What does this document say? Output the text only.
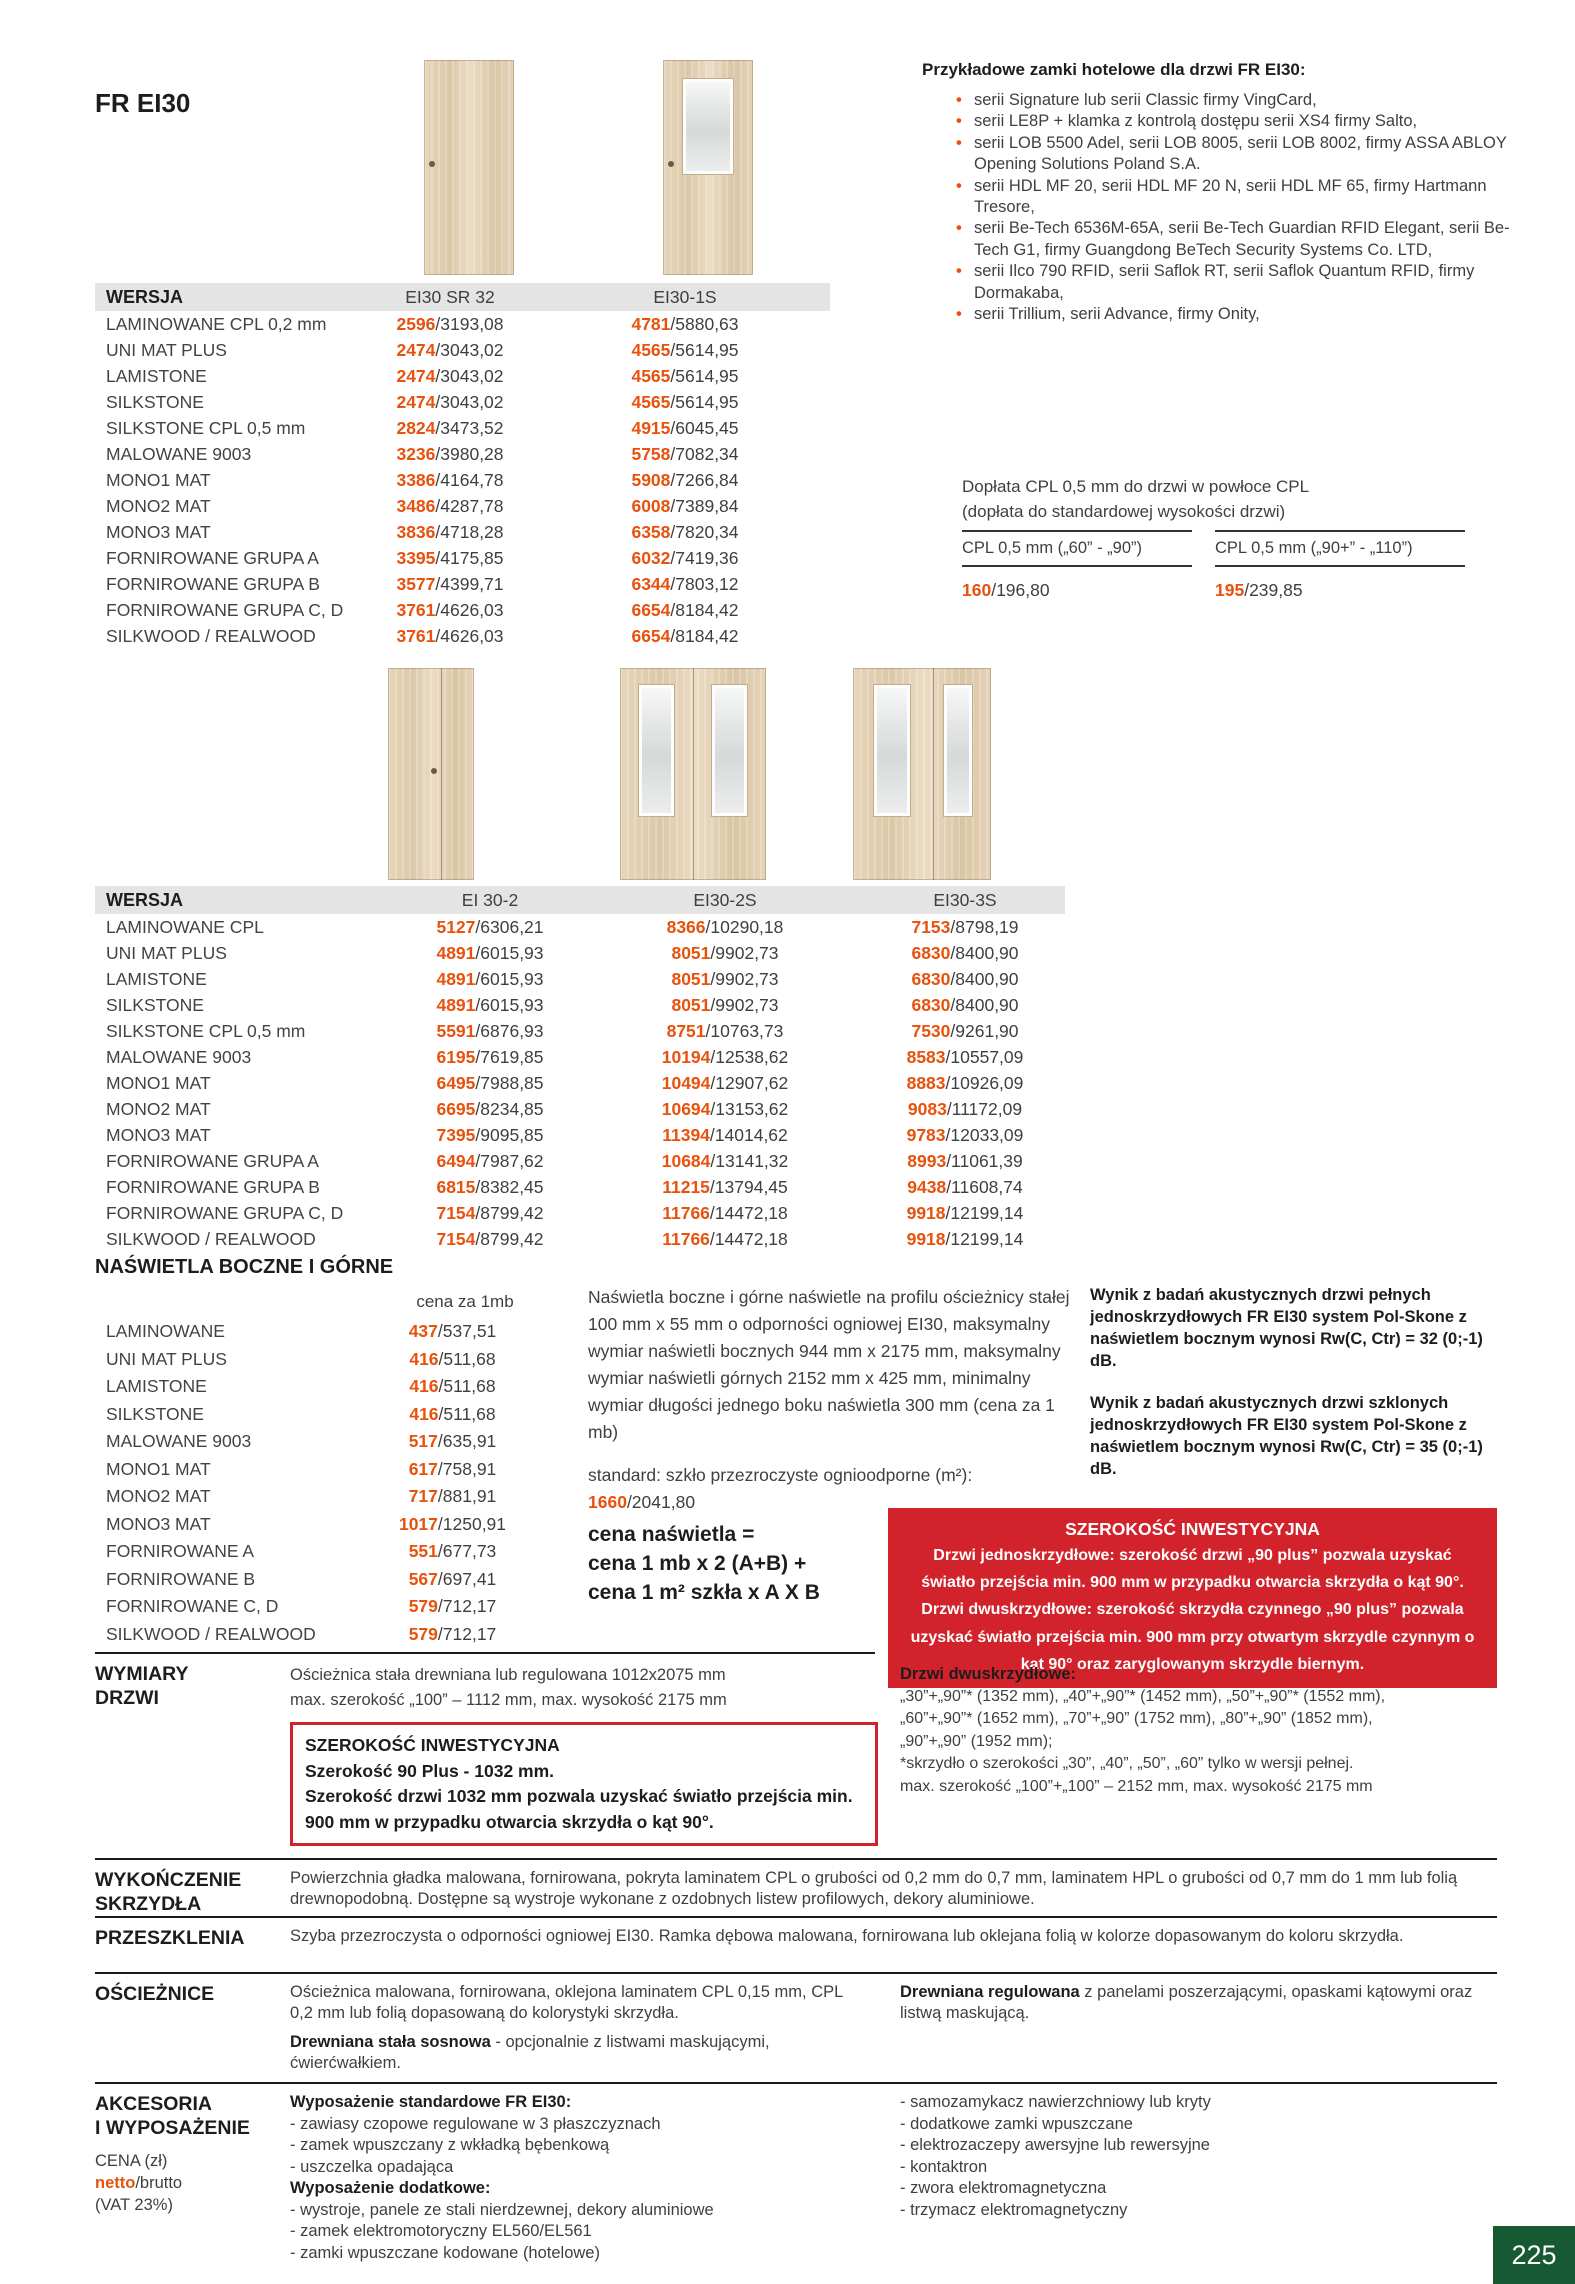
FR EI30
Przykładowe zamki hotelowe dla drzwi FR EI30:
• serii Signature lub serii Classic firmy VingCard,
• serii LE8P + klamka z kontrolą dostępu serii XS4 firmy Salto,
• serii LOB 5500 Adel, serii LOB 8005, serii LOB 8002, firmy ASSA ABLOY Opening Solutions Poland S.A.
• serii HDL MF 20, serii HDL MF 20 N, serii HDL MF 65, firmy Hartmann Tresore,
• serii Be-Tech 6536M-65A, serii Be-Tech Guardian RFID Elegant, serii Be-Tech G1, firmy Guangdong BeTech Security Systems Co. LTD,
• serii Ilco 790 RFID, serii Saflok RT, serii Saflok Quantum RFID, firmy Dormakaba,
• serii Trillium, serii Advance, firmy Onity,
WERSJA	EI30 SR 32	EI30-1S
LAMINOWANE CPL 0,2 mm	2596/3193,08	4781/5880,63
UNI MAT PLUS	2474/3043,02	4565/5614,95
LAMISTONE	2474/3043,02	4565/5614,95
SILKSTONE	2474/3043,02	4565/5614,95
SILKSTONE CPL 0,5 mm	2824/3473,52	4915/6045,45
MALOWANE 9003	3236/3980,28	5758/7082,34
MONO1 MAT	3386/4164,78	5908/7266,84
MONO2 MAT	3486/4287,78	6008/7389,84
MONO3 MAT	3836/4718,28	6358/7820,34
FORNIROWANE GRUPA A	3395/4175,85	6032/7419,36
FORNIROWANE GRUPA B	3577/4399,71	6344/7803,12
FORNIROWANE GRUPA C, D	3761/4626,03	6654/8184,42
SILKWOOD / REALWOOD	3761/4626,03	6654/8184,42
Dopłata CPL 0,5 mm do drzwi w powłoce CPL
(dopłata do standardowej wysokości drzwi)
CPL 0,5 mm („60” - „90”)	CPL 0,5 mm („90+” - „110”)
160/196,80	195/239,85
WERSJA	EI 30-2	EI30-2S	EI30-3S
LAMINOWANE CPL	5127/6306,21	8366/10290,18	7153/8798,19
UNI MAT PLUS	4891/6015,93	8051/9902,73	6830/8400,90
LAMISTONE	4891/6015,93	8051/9902,73	6830/8400,90
SILKSTONE	4891/6015,93	8051/9902,73	6830/8400,90
SILKSTONE CPL 0,5 mm	5591/6876,93	8751/10763,73	7530/9261,90
MALOWANE 9003	6195/7619,85	10194/12538,62	8583/10557,09
MONO1 MAT	6495/7988,85	10494/12907,62	8883/10926,09
MONO2 MAT	6695/8234,85	10694/13153,62	9083/11172,09
MONO3 MAT	7395/9095,85	11394/14014,62	9783/12033,09
FORNIROWANE GRUPA A	6494/7987,62	10684/13141,32	8993/11061,39
FORNIROWANE GRUPA B	6815/8382,45	11215/13794,45	9438/11608,74
FORNIROWANE GRUPA C, D	7154/8799,42	11766/14472,18	9918/12199,14
SILKWOOD / REALWOOD	7154/8799,42	11766/14472,18	9918/12199,14
NAŚWIETLA BOCZNE I GÓRNE
cena za 1mb
LAMINOWANE	437/537,51
UNI MAT PLUS	416/511,68
LAMISTONE	416/511,68
SILKSTONE	416/511,68
MALOWANE 9003	517/635,91
MONO1 MAT	617/758,91
MONO2 MAT	717/881,91
MONO3 MAT	1017/1250,91
FORNIROWANE A	551/677,73
FORNIROWANE B	567/697,41
FORNIROWANE C, D	579/712,17
SILKWOOD / REALWOOD	579/712,17
Naświetla boczne i górne naświetle na profilu ościeżnicy stałej 100 mm x 55 mm o odporności ogniowej EI30, maksymalny wymiar naświetli bocznych 944 mm x 2175 mm, maksymalny wymiar naświetli górnych 2152 mm x 425 mm, minimalny wymiar długości jednego boku naświetla 300 mm (cena za 1 mb)
standard: szkło przezroczyste ognioodporne (m²):
1660/2041,80
cena naświetla =
cena 1 mb x 2 (A+B) +
cena 1 m² szkła x A X B
Wynik z badań akustycznych drzwi pełnych jednoskrzydłowych FR EI30 system Pol-Skone z naświetlem bocznym wynosi Rw(C, Ctr) = 32 (0;-1) dB.
Wynik z badań akustycznych drzwi szklonych jednoskrzydłowych FR EI30 system Pol-Skone z naświetlem bocznym wynosi Rw(C, Ctr) = 35 (0;-1) dB.
SZEROKOŚĆ INWESTYCYJNA
Drzwi jednoskrzydłowe: szerokość drzwi „90 plus” pozwala uzyskać światło przejścia min. 900 mm w przypadku otwarcia skrzydła o kąt 90°. Drzwi dwuskrzydłowe: szerokość skrzydła czynnego „90 plus” pozwala uzyskać światło przejścia min. 900 mm przy otwartym skrzydle czynnym o kąt 90° oraz zaryglowanym skrzydle biernym.
WYMIARY
DRZWI
Ościeżnica stała drewniana lub regulowana 1012x2075 mm
max. szerokość „100” – 1112 mm, max. wysokość 2175 mm
SZEROKOŚĆ INWESTYCYJNA
Szerokość 90 Plus - 1032 mm.
Szerokość drzwi 1032 mm pozwala uzyskać światło przejścia min. 900 mm w przypadku otwarcia skrzydła o kąt 90°.
Drzwi dwuskrzydłowe:
„30”+„90”* (1352 mm), „40”+„90”* (1452 mm), „50”+„90”* (1552 mm),
„60”+„90”* (1652 mm), „70”+„90” (1752 mm), „80”+„90” (1852 mm),
„90”+„90” (1952 mm);
*skrzydło o szerokości „30”, „40”, „50”, „60” tylko w wersji pełnej.
max. szerokość „100”+„100” – 2152 mm, max. wysokość 2175 mm
WYKOŃCZENIE
SKRZYDŁA
Powierzchnia gładka malowana, fornirowana, pokryta laminatem CPL o grubości od 0,2 mm do 0,7 mm, laminatem HPL o grubości od 0,7 mm do 1 mm lub folią drewnopodobną. Dostępne są wystroje wykonane z ozdobnych listew profilowych, dekory aluminiowe.
PRZESZKLENIA	Szyba przezroczysta o odporności ogniowej EI30. Ramka dębowa malowana, fornirowana lub oklejana folią w kolorze dopasowanym do koloru skrzydła.
OŚCIEŻNICE	Ościeżnica malowana, fornirowana, oklejona laminatem CPL 0,15 mm, CPL 0,2 mm lub folią dopasowaną do kolorystyki skrzydła.
Drewniana stała sosnowa - opcjonalnie z listwami maskującymi, ćwierćwałkiem.
Drewniana regulowana z panelami poszerzającymi, opaskami kątowymi oraz listwą maskującą.
AKCESORIA
I WYPOSAŻENIE
Wyposażenie standardowe FR EI30:
- zawiasy czopowe regulowane w 3 płaszczyznach
- zamek wpuszczany z wkładką bębenkową
- uszczelka opadająca
Wyposażenie dodatkowe:
- wystroje, panele ze stali nierdzewnej, dekory aluminiowe
- zamek elektromotoryczny EL560/EL561
- zamki wpuszczane kodowane (hotelowe)
- samozamykacz nawierzchniowy lub kryty
- dodatkowe zamki wpuszczane
- elektrozaczepy awersyjne lub rewersyjne
- kontaktron
- zwora elektromagnetyczna
- trzymacz elektromagnetyczny
CENA (zł)
netto/brutto
(VAT 23%)
225
